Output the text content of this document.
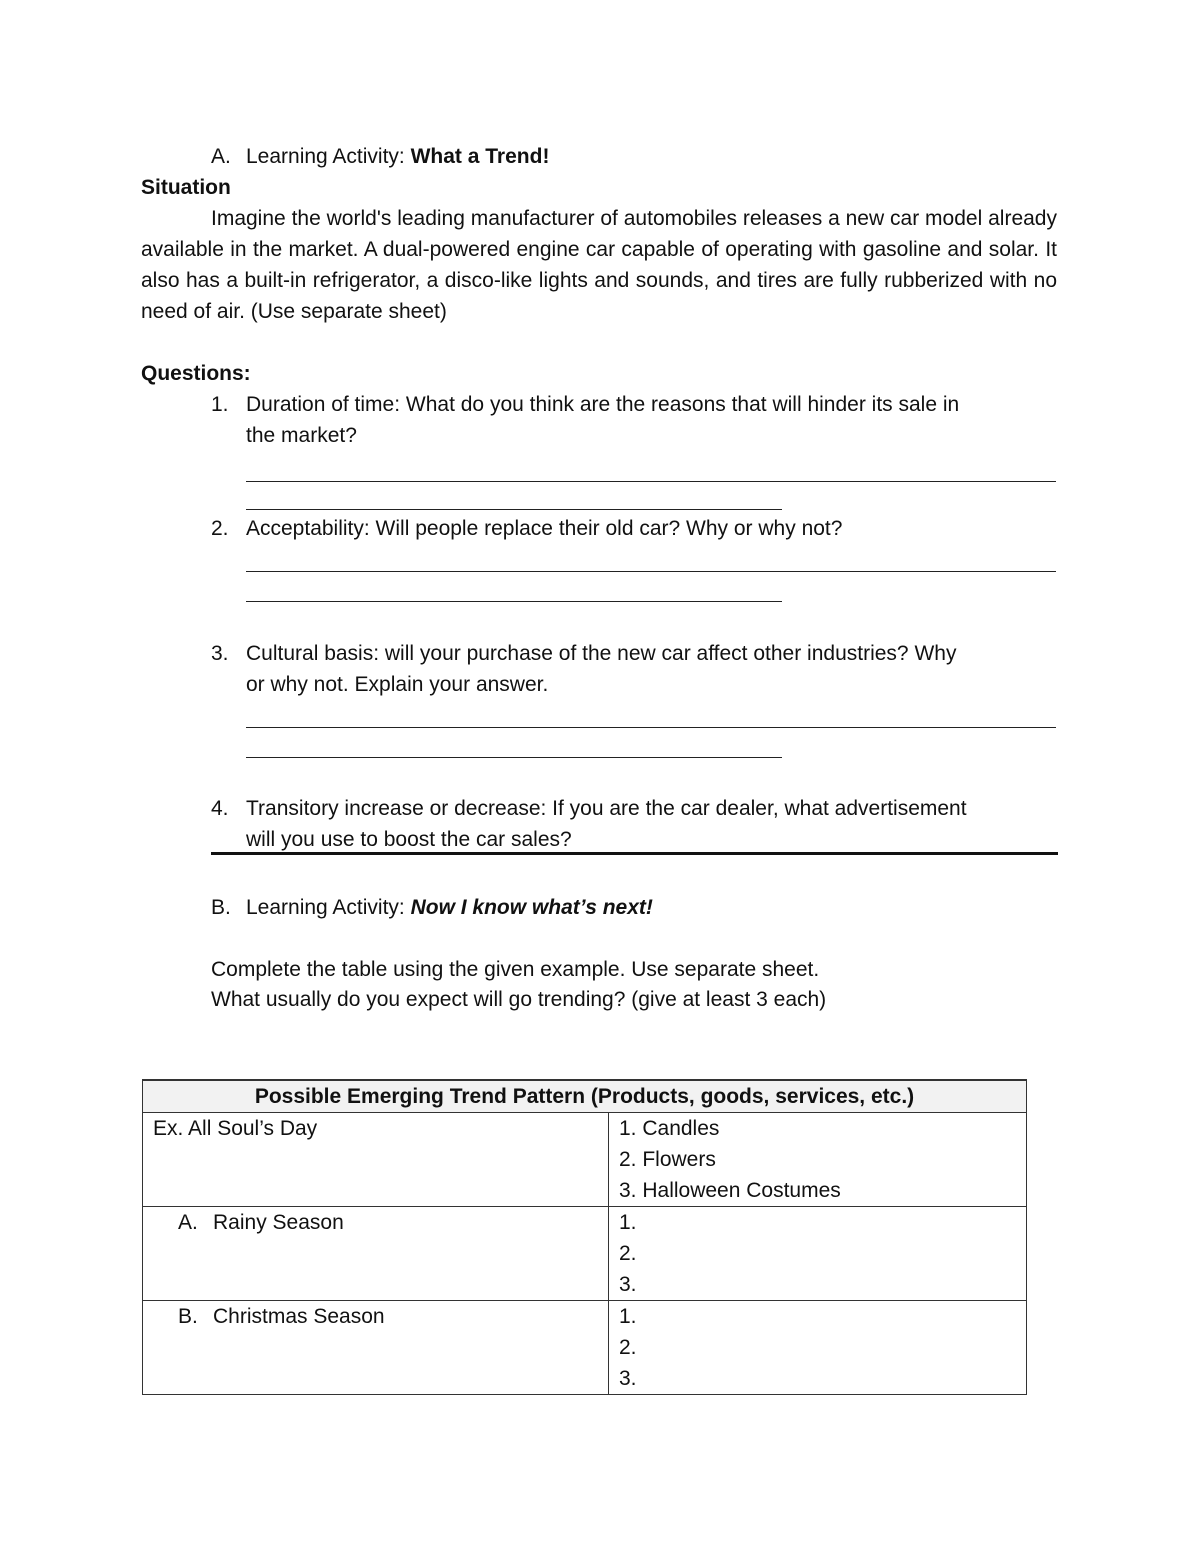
A. Learning Activity: What a Trend!
Situation
Imagine the world's leading manufacturer of automobiles releases a new car model already available in the market. A dual-powered engine car capable of operating with gasoline and solar. It also has a built-in refrigerator, a disco-like lights and sounds, and tires are fully rubberized with no need of air. (Use separate sheet)
Questions:
1. Duration of time: What do you think are the reasons that will hinder its sale in
the market?
2. Acceptability: Will people replace their old car? Why or why not?
3. Cultural basis: will your purchase of the new car affect other industries? Why
or why not. Explain your answer.
4. Transitory increase or decrease: If you are the car dealer, what advertisement
will you use to boost the car sales?
B. Learning Activity: Now I know what’s next!
Complete the table using the given example. Use separate sheet.
What usually do you expect will go trending? (give at least 3 each)
Possible Emerging Trend Pattern (Products, goods, services, etc.)	
Ex. All Soul’s Day	1. Candles
2. Flowers
3. Halloween Costumes

A. Rainy Season	1.
2.
3.

B. Christmas Season	1.
2.
3.
